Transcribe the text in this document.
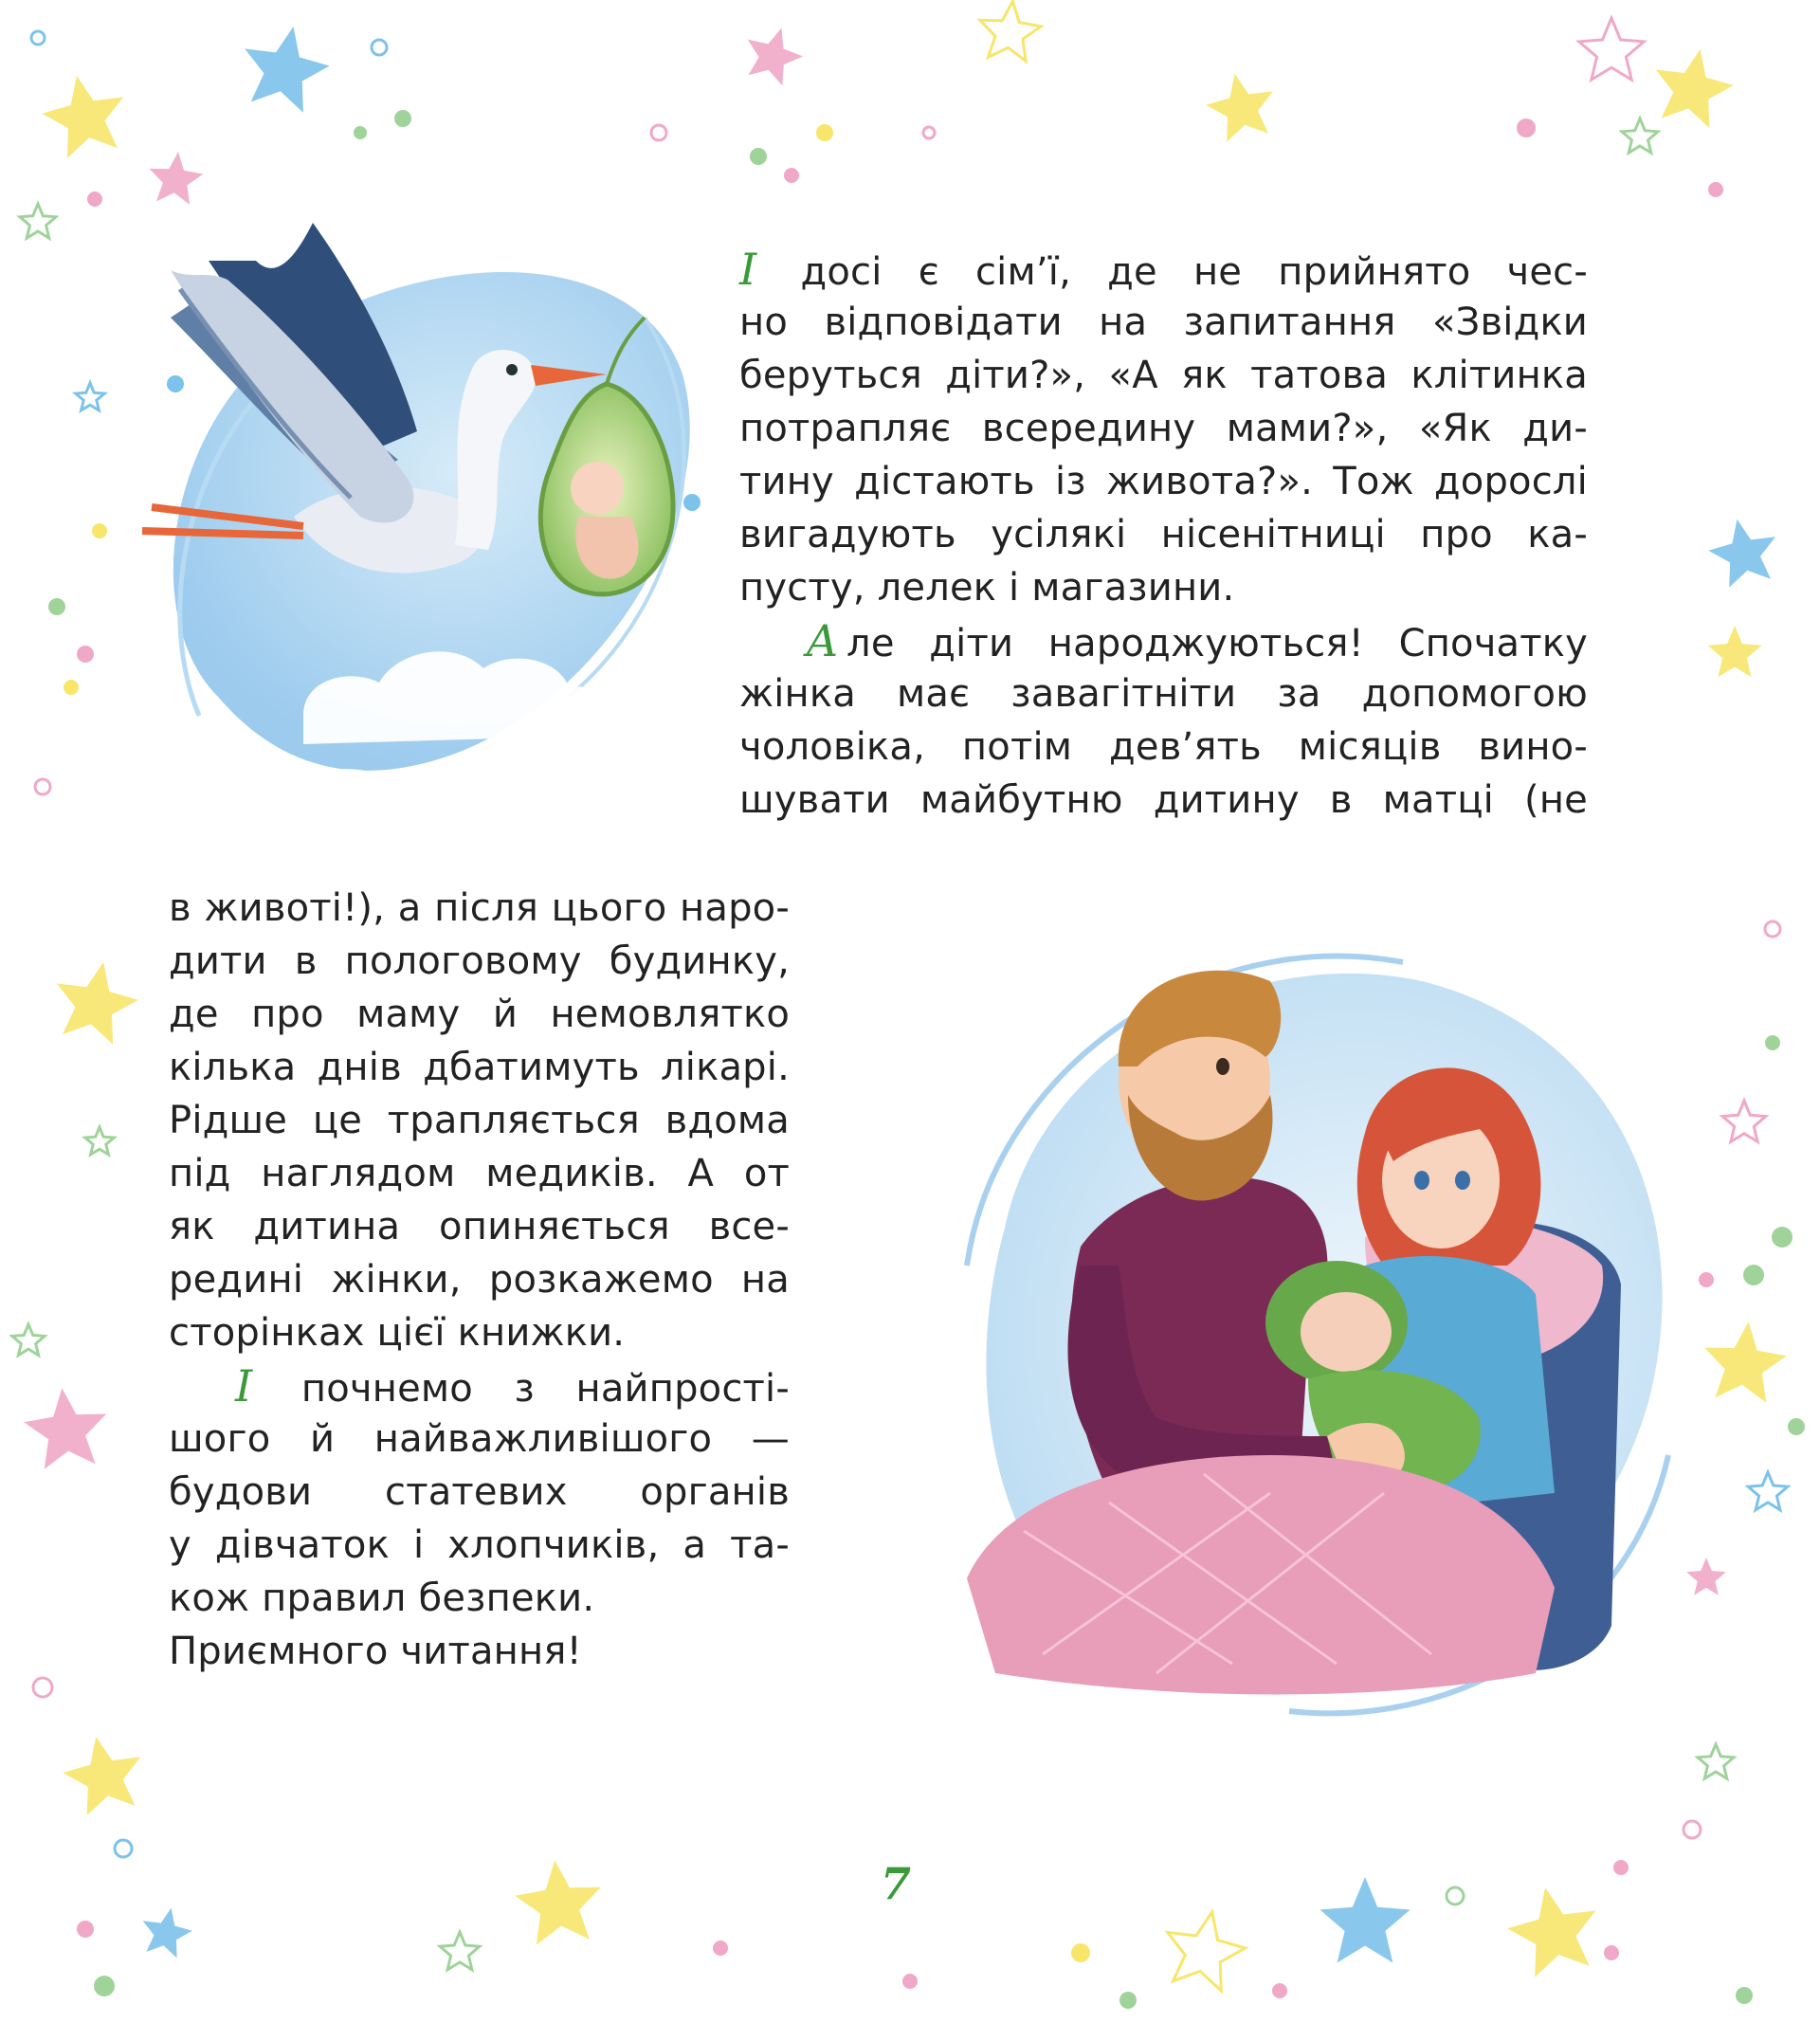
І досі є сім’ї, де не прийнято чес-
но відповідати на запитання «Звідки
беруться діти?», «А як татова клітинка
потрапляє всередину мами?», «Як ди-
тину дістають із живота?». Тож дорослі
вигадують усілякі нісенітниці про ка-
пусту, лелек і магазини.
А ле діти народжуються! Спочатку
жінка має завагітніти за допомогою
чоловіка, потім дев’ять місяців вино-
шувати майбутню дитину в матці (не
в животі!), а після цього наро-
дити в пологовому будинку,
де про маму й немовлятко
кілька днів дбатимуть лікарі.
Рідше це трапляється вдома
під наглядом медиків. А от
як дитина опиняється все-
редині жінки, розкажемо на
сторінках цієї книжки.
І почнемо з найпрості-
шого й найважливішого —
будови статевих органів
у дівчаток і хлопчиків, а та-
кож правил безпеки.
Приємного читання!
7
